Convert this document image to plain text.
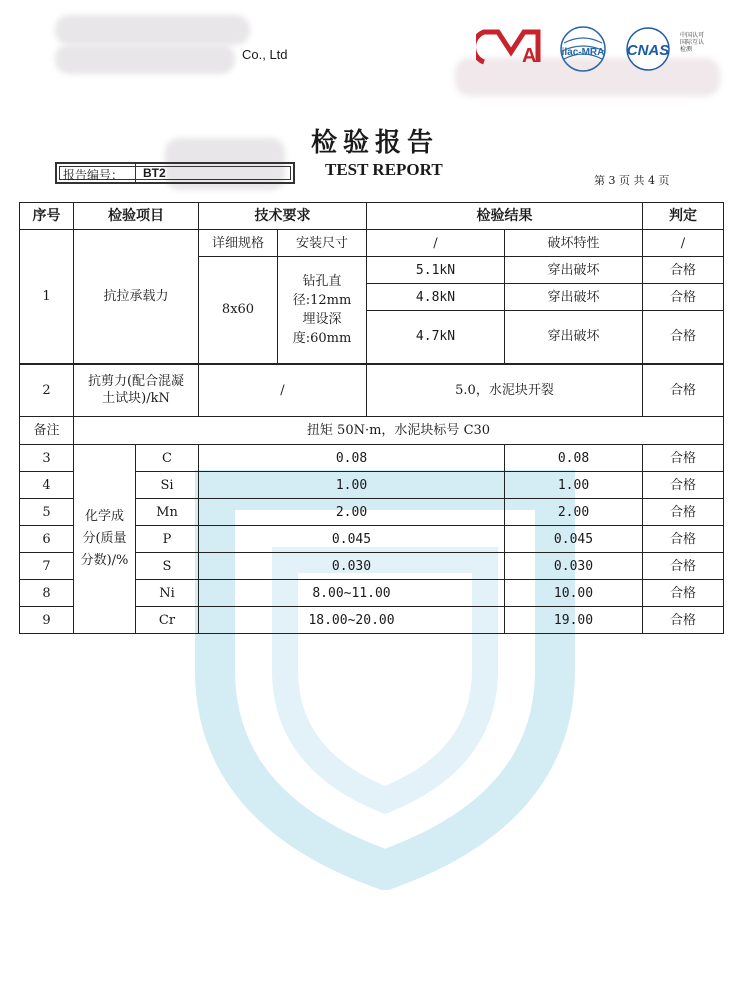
Co., Ltd	A	ilac-MRA CNAS
中国认可
国际互认
检测
检验报告
TEST REPORT
报告编号： BT2
第 3 页 共 4 页
序号	检验项目		技术要求		检验结果		判定
1	抗拉承载力		详细规格	安装尺寸	/	破坏特性	/
			8x60	钻孔直径:12mm埋设深度:60mm	5.1kN	穿出破坏	合格
					4.8kN	穿出破坏	合格
					4.7kN	穿出破坏	合格
2	抗剪力(配合混凝土试块)/kN		/		5.0，水泥块开裂		合格
备注	扭矩 50N·m，水泥块标号 C30						
3	化学成分(质量分数)/%	C	0.08			0.08	合格
4		Si	1.00			1.00	合格
5		Mn	2.00			2.00	合格
6		P	0.045			0.045	合格
7		S	0.030			0.030	合格
8		Ni	8.00~11.00			10.00	合格
9		Cr	18.00~20.00			19.00	合格
